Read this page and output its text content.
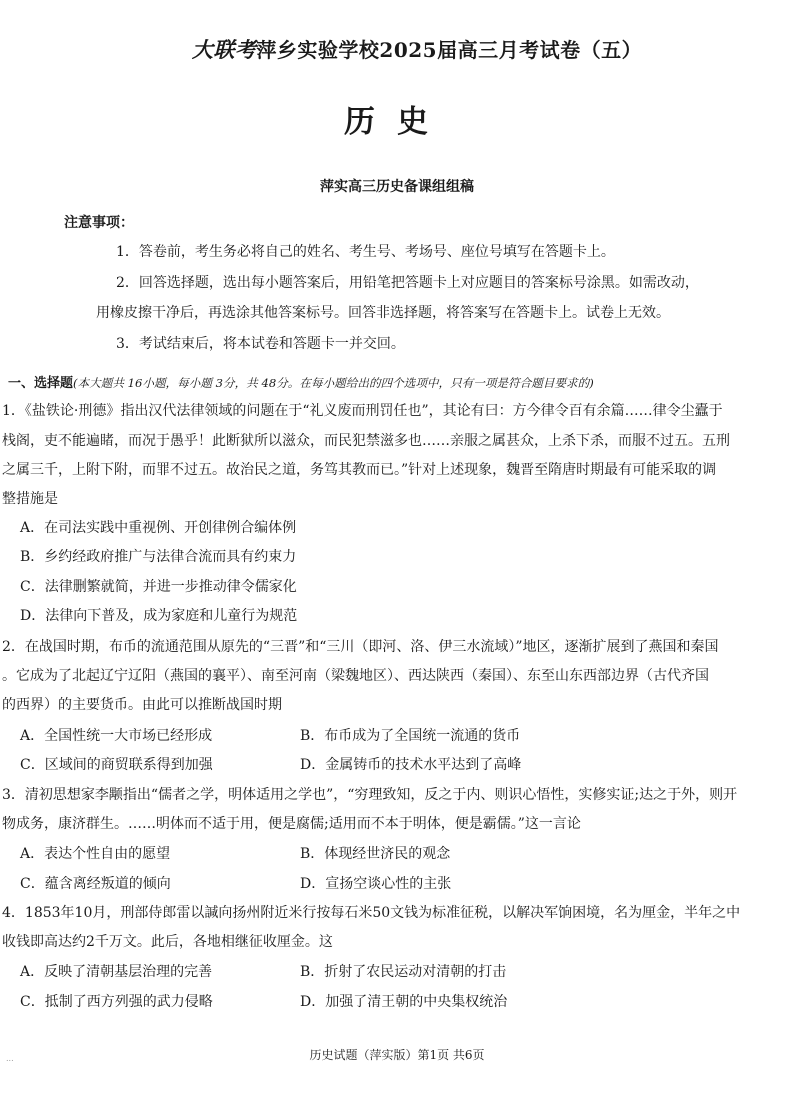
大联考萍乡实验学校2025届高三月考试卷（五）
历史
萍实高三历史备课组组稿
注意事项：
1．答卷前，考生务必将自己的姓名、考生号、考场号、座位号填写在答题卡上。
2．回答选择题，选出每小题答案后，用铅笔把答题卡上对应题目的答案标号涂黑。如需改动，
用橡皮擦干净后，再选涂其他答案标号。回答非选择题，将答案写在答题卡上。试卷上无效。
3．考试结束后，将本试卷和答题卡一并交回。
一、选择题(本大题共 16小题，每小题 3分，共 48分。在每小题给出的四个选项中，只有一项是符合题目要求的)
1．《盐铁论·刑德》指出汉代法律领域的问题在于“礼义废而刑罚任也”，其论有曰：方今律令百有余篇……律令尘蠹于
栈阁，吏不能遍睹，而况于愚乎！此断狱所以滋众，而民犯禁滋多也……亲服之属甚众，上杀下杀，而服不过五。五刑
之属三千，上附下附，而罪不过五。故治民之道，务笃其教而已。”针对上述现象，魏晋至隋唐时期最有可能采取的调
整措施是
A．在司法实践中重视例、开创律例合编体例
B．乡约经政府推广与法律合流而具有约束力
C．法律删繁就简，并进一步推动律令儒家化
D．法律向下普及，成为家庭和儿童行为规范
2．在战国时期，布币的流通范围从原先的“三晋”和“三川（即河、洛、伊三水流域）”地区，逐渐扩展到了燕国和秦国
。它成为了北起辽宁辽阳（燕国的襄平）、南至河南（梁魏地区）、西达陕西（秦国）、东至山东西部边界（古代齐国
的西界）的主要货币。由此可以推断战国时期
A．全国性统一大市场已经形成	B．布币成为了全国统一流通的货币
C．区域间的商贸联系得到加强	D．金属铸币的技术水平达到了高峰
3．清初思想家李颙指出“儒者之学，明体适用之学也”，“穷理致知，反之于内、则识心悟性，实修实证;达之于外，则开
物成务，康济群生。……明体而不适于用，便是腐儒;适用而不本于明体，便是霸儒。”这一言论
A．表达个性自由的愿望	B．体现经世济民的观念
C．蕴含离经叛道的倾向	D．宣扬空谈心性的主张
4．1853年10月，刑部侍郎雷以諴向扬州附近米行按每石米50文钱为标准征税，以解决军饷困境，名为厘金，半年之中
收钱即高达约2千万文。此后，各地相继征收厘金。这
A．反映了清朝基层治理的完善	B．折射了农民运动对清朝的打击
C．抵制了西方列强的武力侵略	D．加强了清王朝的中央集权统治
历史试题（萍实版）第1页 共6页
...
